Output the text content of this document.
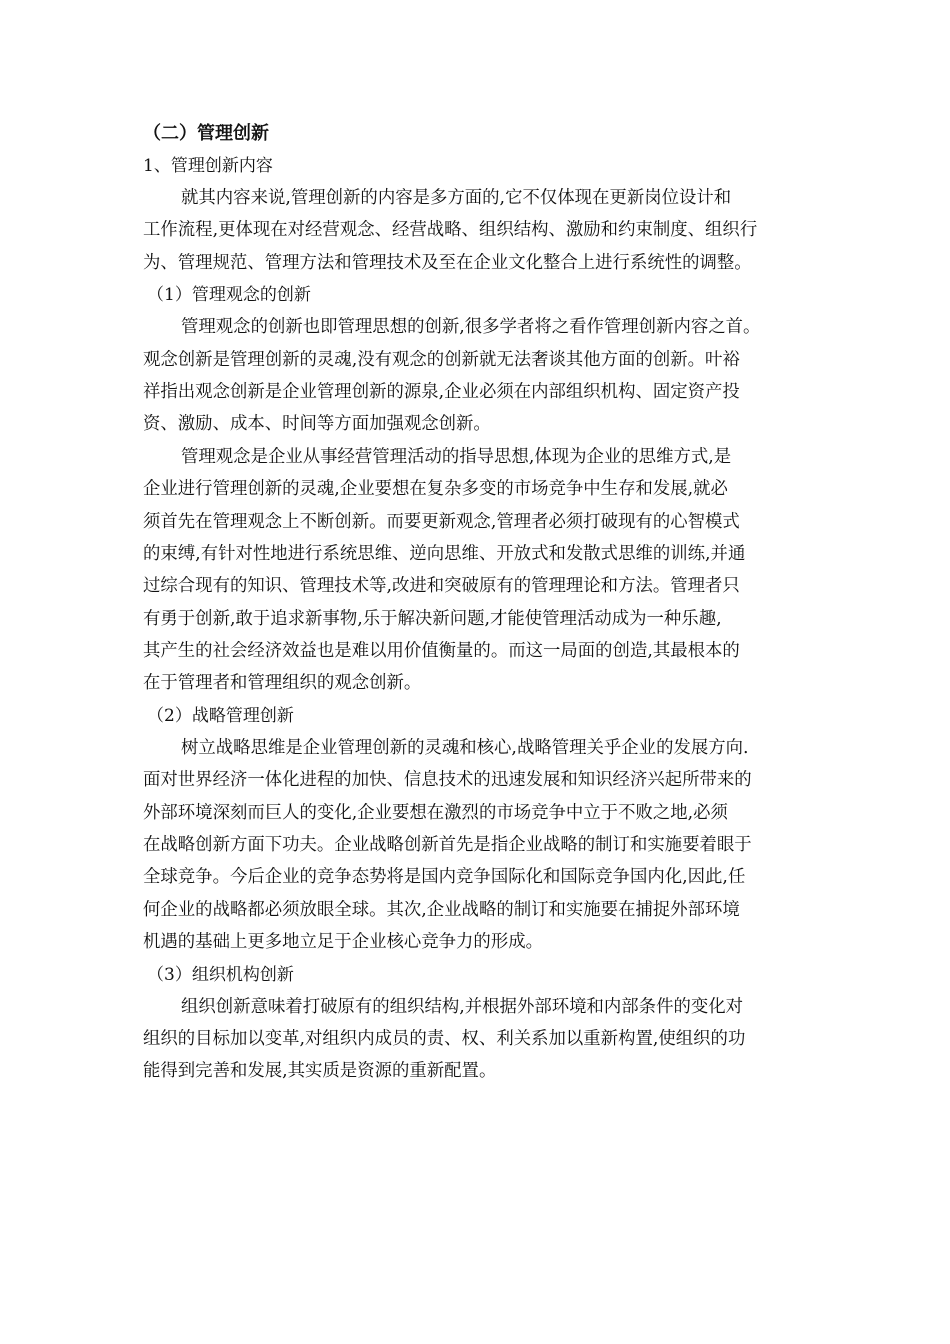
（二）管理创新
1、管理创新内容

就其内容来说,管理创新的内容是多方面的,它不仅体现在更新岗位设计和
工作流程,更体现在对经营观念、经营战略、组织结构、激励和约束制度、组织行
为、管理规范、管理方法和管理技术及至在企业文化整合上进行系统性的调整。

（1）管理观念的创新

管理观念的创新也即管理思想的创新,很多学者将之看作管理创新内容之首。
观念创新是管理创新的灵魂,没有观念的创新就无法奢谈其他方面的创新。叶裕
祥指出观念创新是企业管理创新的源泉,企业必须在内部组织机构、固定资产投
资、激励、成本、时间等方面加强观念创新。

管理观念是企业从事经营管理活动的指导思想,体现为企业的思维方式,是
企业进行管理创新的灵魂,企业要想在复杂多变的市场竞争中生存和发展,就必
须首先在管理观念上不断创新。而要更新观念,管理者必须打破现有的心智模式
的束缚,有针对性地进行系统思维、逆向思维、开放式和发散式思维的训练,并通
过综合现有的知识、管理技术等,改进和突破原有的管理理论和方法。管理者只
有勇于创新,敢于追求新事物,乐于解决新问题,才能使管理活动成为一种乐趣,
其产生的社会经济效益也是难以用价值衡量的。而这一局面的创造,其最根本的
在于管理者和管理组织的观念创新。

（2）战略管理创新

树立战略思维是企业管理创新的灵魂和核心,战略管理关乎企业的发展方向.
面对世界经济一体化进程的加快、信息技术的迅速发展和知识经济兴起所带来的
外部环境深刻而巨人的变化,企业要想在激烈的市场竞争中立于不败之地,必须
在战略创新方面下功夫。企业战略创新首先是指企业战略的制订和实施要着眼于
全球竞争。今后企业的竞争态势将是国内竞争国际化和国际竞争国内化,因此,任
何企业的战略都必须放眼全球。其次,企业战略的制订和实施要在捕捉外部环境
机遇的基础上更多地立足于企业核心竞争力的形成。

（3）组织机构创新

组织创新意味着打破原有的组织结构,并根据外部环境和内部条件的变化对
组织的目标加以变革,对组织内成员的责、权、利关系加以重新构置,使组织的功
能得到完善和发展,其实质是资源的重新配置。
